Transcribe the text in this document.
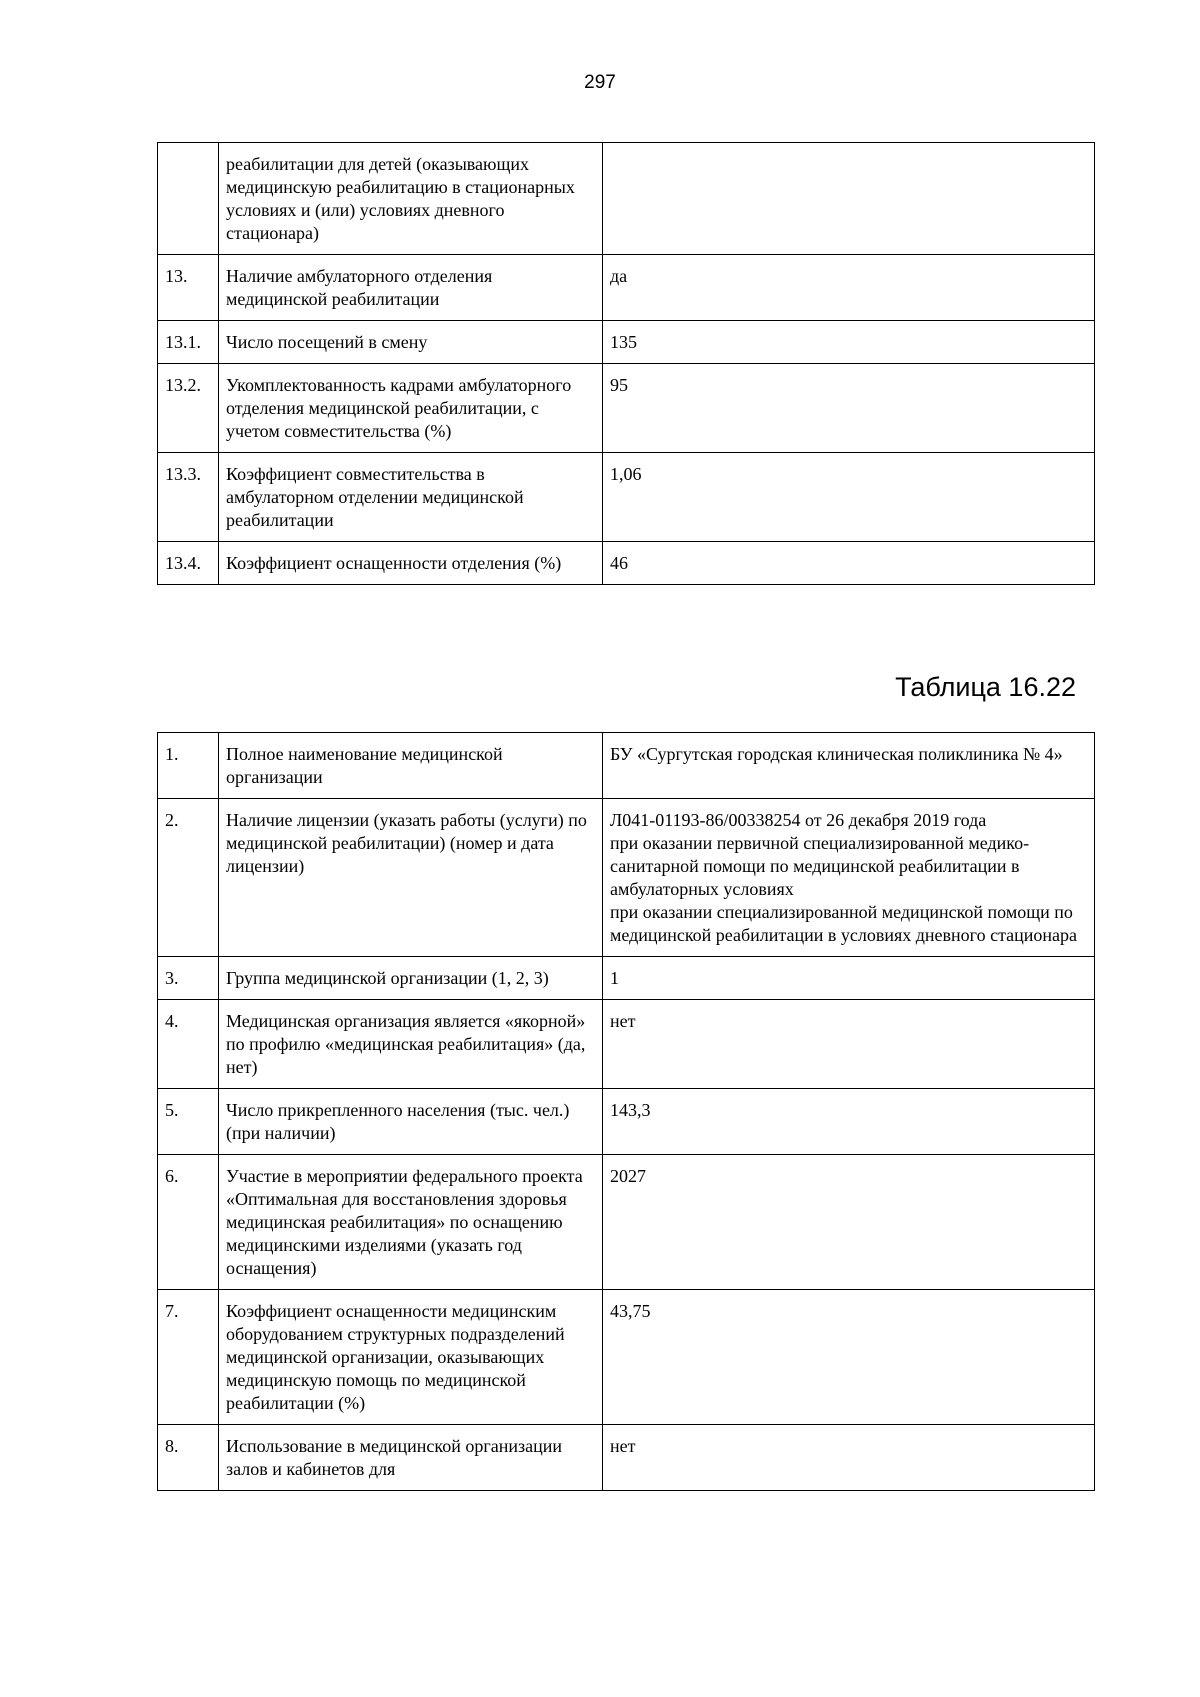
297
	реабилитации для детей (оказывающих медицинскую реабилитацию в стационарных условиях и (или) условиях дневного стационара)	
13.	Наличие амбулаторного отделения медицинской реабилитации	да
13.1.	Число посещений в смену	135
13.2.	Укомплектованность кадрами амбулаторного отделения медицинской реабилитации, с учетом совместительства (%)	95
13.3.	Коэффициент совместительства в амбулаторном отделении медицинской реабилитации	1,06
13.4.	Коэффициент оснащенности отделения (%)	46
Таблица 16.22
1.	Полное наименование медицинской организации	БУ «Сургутская городская клиническая поликлиника № 4»
2.	Наличие лицензии (указать работы (услуги) по медицинской реабилитации) (номер и дата лицензии)	Л041-01193-86/00338254 от 26 декабря 2019 года
при оказании первичной специализированной медико-санитарной помощи по медицинской реабилитации в амбулаторных условиях
при оказании специализированной медицинской помощи по медицинской реабилитации в условиях дневного стационара
3.	Группа медицинской организации (1, 2, 3)	1
4.	Медицинская организация является «якорной» по профилю «медицинская реабилитация» (да, нет)	нет
5.	Число прикрепленного населения (тыс. чел.) (при наличии)	143,3
6.	Участие в мероприятии федерального проекта «Оптимальная для восстановления здоровья медицинская реабилитация» по оснащению медицинскими изделиями (указать год оснащения)	2027
7.	Коэффициент оснащенности медицинским оборудованием структурных подразделений медицинской организации, оказывающих медицинскую помощь по медицинской реабилитации (%)	43,75
8.	Использование в медицинской организации залов и кабинетов для	нет
